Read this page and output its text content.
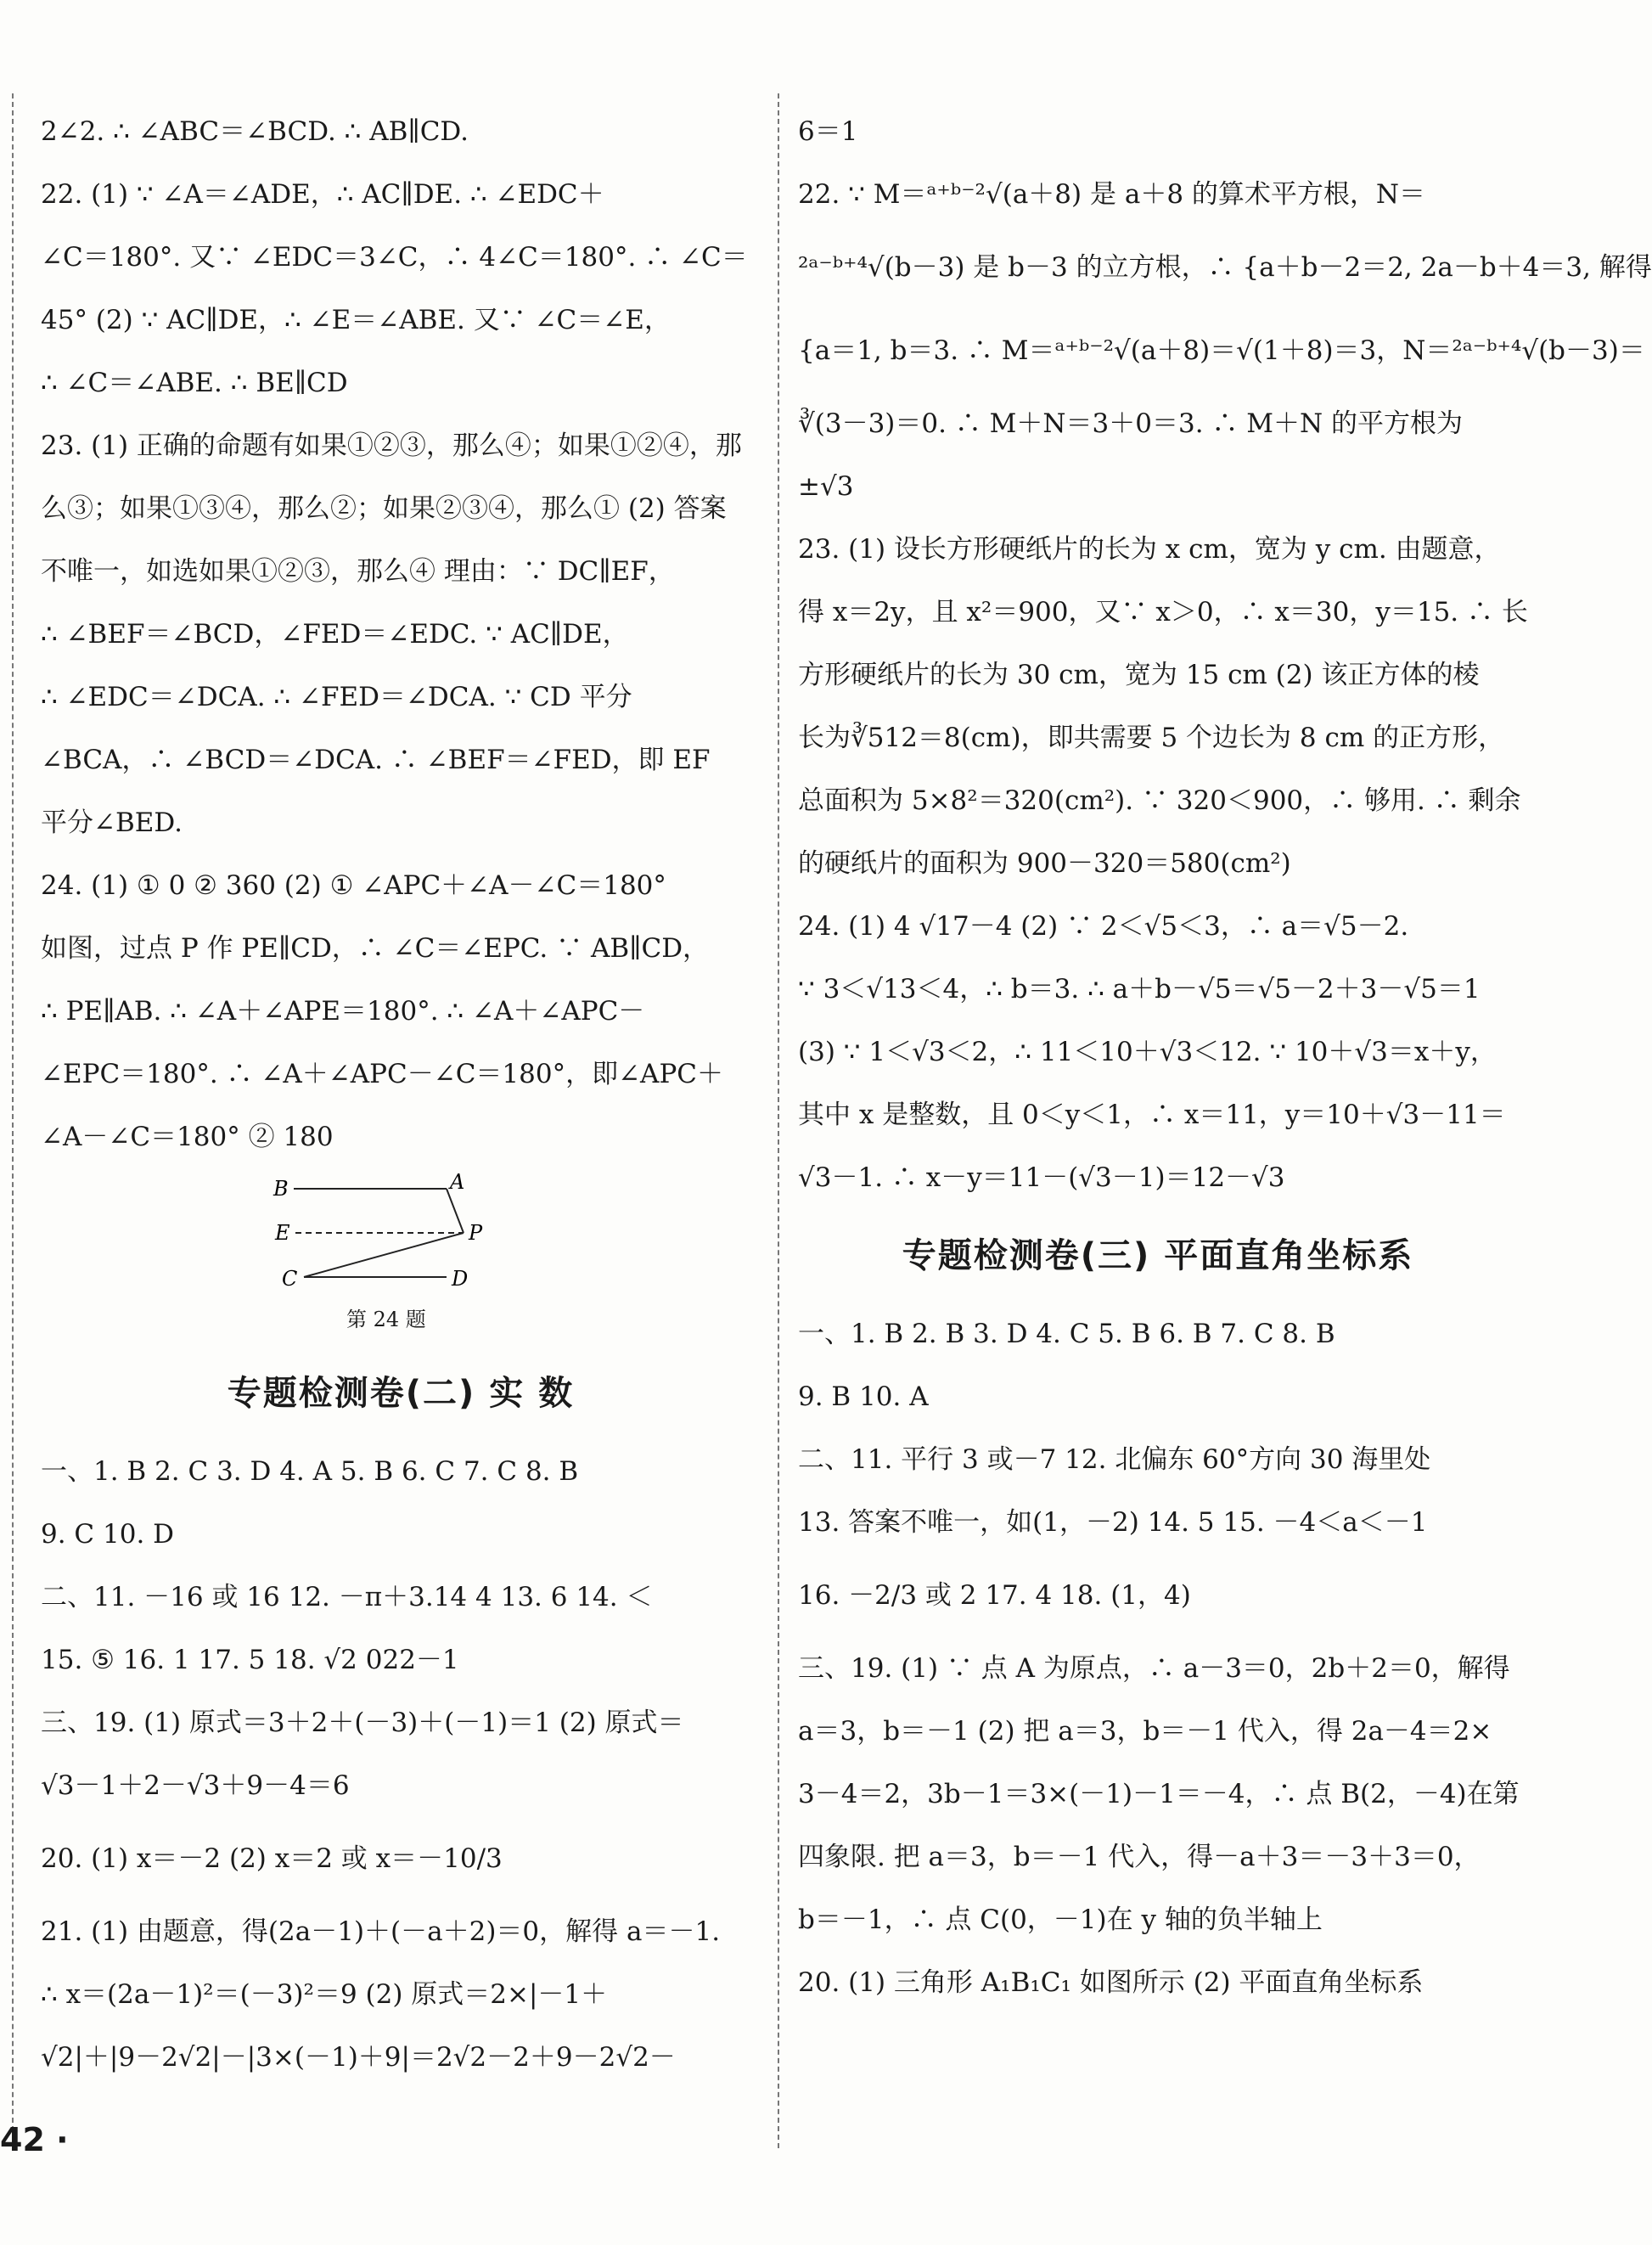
2∠2. ∴ ∠ABC＝∠BCD. ∴ AB∥CD.
22. (1) ∵ ∠A＝∠ADE，∴ AC∥DE. ∴ ∠EDC＋
∠C＝180°. 又∵ ∠EDC＝3∠C，∴ 4∠C＝180°. ∴ ∠C＝
45° (2) ∵ AC∥DE，∴ ∠E＝∠ABE. 又∵ ∠C＝∠E，
∴ ∠C＝∠ABE. ∴ BE∥CD
23. (1) 正确的命题有如果①②③，那么④；如果①②④，那
么③；如果①③④，那么②；如果②③④，那么① (2) 答案
不唯一，如选如果①②③，那么④ 理由：∵ DC∥EF，
∴ ∠BEF＝∠BCD，∠FED＝∠EDC. ∵ AC∥DE，
∴ ∠EDC＝∠DCA. ∴ ∠FED＝∠DCA. ∵ CD 平分
∠BCA，∴ ∠BCD＝∠DCA. ∴ ∠BEF＝∠FED，即 EF
平分∠BED.
24. (1) ① 0 ② 360 (2) ① ∠APC＋∠A－∠C＝180°
如图，过点 P 作 PE∥CD，∴ ∠C＝∠EPC. ∵ AB∥CD，
∴ PE∥AB. ∴ ∠A＋∠APE＝180°. ∴ ∠A＋∠APC－
∠EPC＝180°. ∴ ∠A＋∠APC－∠C＝180°，即∠APC＋
∠A－∠C＝180° ② 180
B	A
E	P
C	D
第 24 题
专题检测卷(二) 实 数
一、1. B 2. C 3. D 4. A 5. B 6. C 7. C 8. B
9. C 10. D
二、11. －16 或 16 12. －π＋3.14 4 13. 6 14. ＜
15. ⑤ 16. 1 17. 5 18. √2 022－1
三、19. (1) 原式＝3＋2＋(－3)＋(－1)＝1 (2) 原式＝
√3－1＋2－√3＋9－4＝6
20. (1) x＝－2 (2) x＝2 或 x＝－10/3
21. (1) 由题意，得(2a－1)＋(－a＋2)＝0，解得 a＝－1.
∴ x＝(2a－1)²＝(－3)²＝9 (2) 原式＝2×|－1＋
√2|＋|9－2√2|－|3×(－1)＋9|＝2√2－2＋9－2√2－
6＝1
22. ∵ M＝ᵃ⁺ᵇ⁻²√(a＋8) 是 a＋8 的算术平方根，N＝
²ᵃ⁻ᵇ⁺⁴√(b－3) 是 b－3 的立方根，∴ {a＋b－2＝2, 2a－b＋4＝3, 解得
{a＝1, b＝3. ∴ M＝ᵃ⁺ᵇ⁻²√(a＋8)＝√(1＋8)＝3，N＝²ᵃ⁻ᵇ⁺⁴√(b－3)＝
∛(3－3)＝0. ∴ M＋N＝3＋0＝3. ∴ M＋N 的平方根为
±√3
23. (1) 设长方形硬纸片的长为 x cm，宽为 y cm. 由题意，
得 x＝2y，且 x²＝900，又∵ x＞0，∴ x＝30，y＝15. ∴ 长
方形硬纸片的长为 30 cm，宽为 15 cm (2) 该正方体的棱
长为∛512＝8(cm)，即共需要 5 个边长为 8 cm 的正方形，
总面积为 5×8²＝320(cm²). ∵ 320＜900，∴ 够用. ∴ 剩余
的硬纸片的面积为 900－320＝580(cm²)
24. (1) 4 √17－4 (2) ∵ 2＜√5＜3，∴ a＝√5－2.
∵ 3＜√13＜4，∴ b＝3. ∴ a＋b－√5＝√5－2＋3－√5＝1
(3) ∵ 1＜√3＜2，∴ 11＜10＋√3＜12. ∵ 10＋√3＝x＋y，
其中 x 是整数，且 0＜y＜1，∴ x＝11，y＝10＋√3－11＝
√3－1. ∴ x－y＝11－(√3－1)＝12－√3
专题检测卷(三) 平面直角坐标系
一、1. B 2. B 3. D 4. C 5. B 6. B 7. C 8. B
9. B 10. A
二、11. 平行 3 或－7 12. 北偏东 60°方向 30 海里处
13. 答案不唯一，如(1，－2) 14. 5 15. －4＜a＜－1
16. －2/3 或 2 17. 4 18. (1，4)
三、19. (1) ∵ 点 A 为原点，∴ a－3＝0，2b＋2＝0，解得
a＝3，b＝－1 (2) 把 a＝3，b＝－1 代入，得 2a－4＝2×
3－4＝2，3b－1＝3×(－1)－1＝－4，∴ 点 B(2，－4)在第
四象限. 把 a＝3，b＝－1 代入，得－a＋3＝－3＋3＝0，
b＝－1，∴ 点 C(0，－1)在 y 轴的负半轴上
20. (1) 三角形 A₁B₁C₁ 如图所示 (2) 平面直角坐标系
42 ·
